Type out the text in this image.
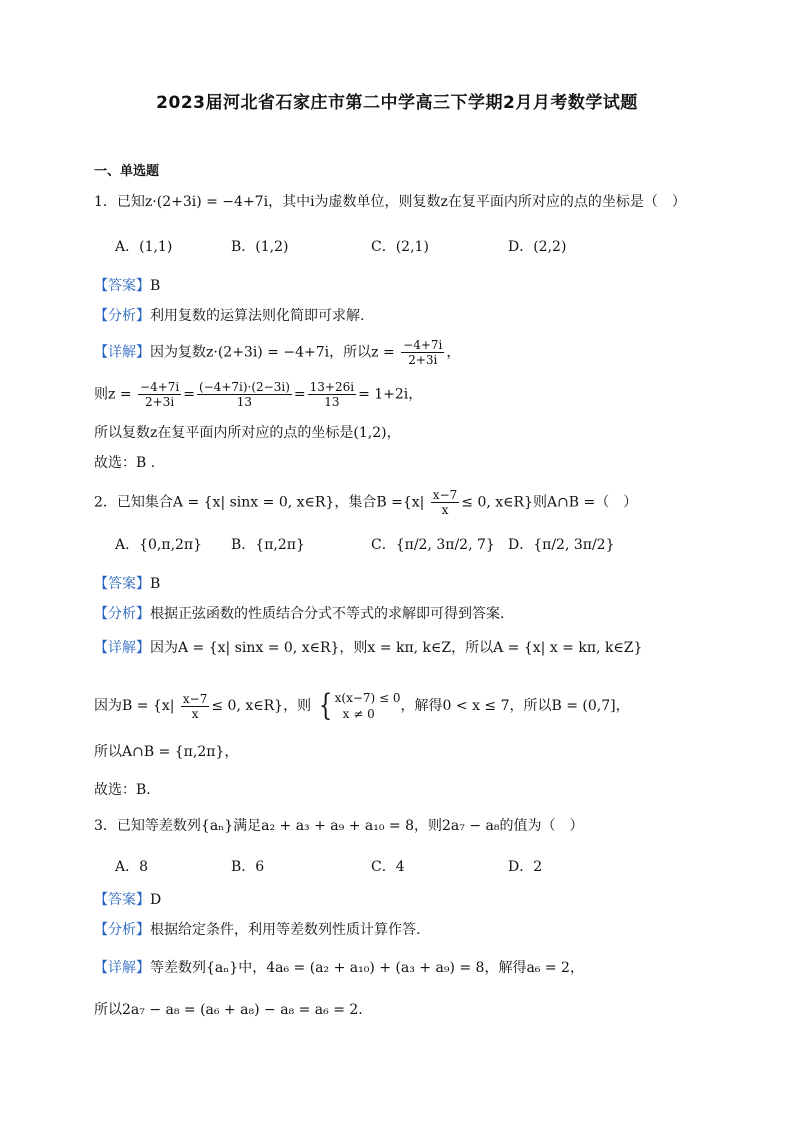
2023届河北省石家庄市第二中学高三下学期2月月考数学试题
一、单选题
1．已知z·(2+3i) = −4+7i，其中i为虚数单位，则复数z在复平面内所对应的点的坐标是（　）
A．(1,1)	B．(1,2)	C．(2,1)	D．(2,2)
【答案】B
【分析】利用复数的运算法则化简即可求解.
【详解】因为复数z·(2+3i) = −4+7i，所以$z = \frac{-4+7i}{2+3i}$ ，
则$z = \frac{-4+7i}{2+3i} = \frac{(-4+7i)\cdot(2-3i)}{13} = \frac{13+26i}{13} = 1+2i$，
所以复数z在复平面内所对应的点的坐标是(1,2)，
故选：B .
2．已知集合A = {x| sinx = 0, x∈R}，集合$B =\{x| \frac{x-7}{x} \le 0$, x∈R}则A∩B =（　）
A．{0,π,2π} B．{π,2π}	C．{π/2, 3π/2, 7} D．{π/2, 3π/2}
【答案】B
【分析】根据正弦函数的性质结合分式不等式的求解即可得到答案.
【详解】因为A = {x| sinx = 0, x∈R}，则x = kπ, k∈Z，所以A = {x| x = kπ, k∈Z}
因为$B = \{x| \frac{x-7}{x} \le 0$, x∈R}，则 { x(x−7) ≤ 0
x ≠ 0	，解得0 < x ≤ 7，所以B = (0,7]，
所以A∩B = {π,2π}，
故选：B.
3．已知等差数列{aₙ}满足a₂ + a₃ + a₉ + a₁₀ = 8，则2a₇ − a₈的值为（　）
A．8	B．6	C．4	D．2
【答案】D
【分析】根据给定条件，利用等差数列性质计算作答.
【详解】等差数列{aₙ}中，4a₆ = (a₂ + a₁₀) + (a₃ + a₉) = 8，解得a₆ = 2，
所以2a₇ − a₈ = (a₆ + a₈) − a₈ = a₆ = 2.
